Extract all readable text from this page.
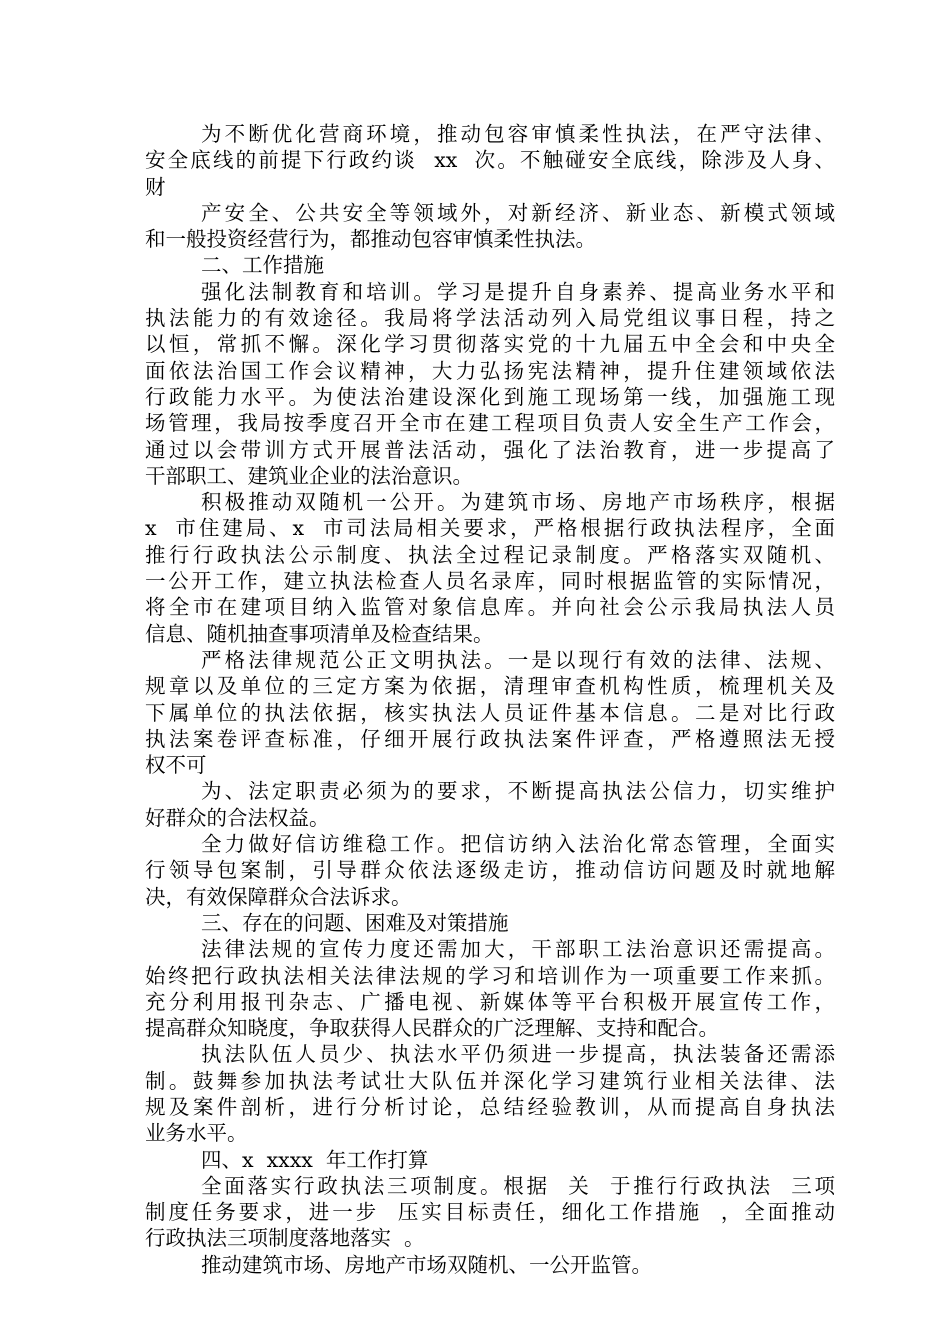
为不断优化营商环境，推动包容审慎柔性执法，在严守法律、
安全底线的前提下行政约谈  xx  次。不触碰安全底线，除涉及人身、
财
产安全、公共安全等领域外，对新经济、新业态、新模式领域
和一般投资经营行为，都推动包容审慎柔性执法。
二、工作措施
强化法制教育和培训。学习是提升自身素养、提高业务水平和
执法能力的有效途径。我局将学法活动列入局党组议事日程，持之
以恒，常抓不懈。深化学习贯彻落实党的十九届五中全会和中央全
面依法治国工作会议精神，大力弘扬宪法精神，提升住建领域依法
行政能力水平。为使法治建设深化到施工现场第一线，加强施工现
场管理，我局按季度召开全市在建工程项目负责人安全生产工作会，
通过以会带训方式开展普法活动，强化了法治教育，进一步提高了
干部职工、建筑业企业的法治意识。
积极推动双随机一公开。为建筑市场、房地产市场秩序，根据
x  市住建局、x  市司法局相关要求，严格根据行政执法程序，全面
推行行政执法公示制度、执法全过程记录制度。严格落实双随机、
一公开工作，建立执法检查人员名录库，同时根据监管的实际情况，
将全市在建项目纳入监管对象信息库。并向社会公示我局执法人员
信息、随机抽查事项清单及检查结果。
严格法律规范公正文明执法。一是以现行有效的法律、法规、
规章以及单位的三定方案为依据，清理审查机构性质，梳理机关及
下属单位的执法依据，核实执法人员证件基本信息。二是对比行政
执法案卷评查标准，仔细开展行政执法案件评查，严格遵照法无授
权不可
为、法定职责必须为的要求，不断提高执法公信力，切实维护
好群众的合法权益。
全力做好信访维稳工作。把信访纳入法治化常态管理，全面实
行领导包案制，引导群众依法逐级走访，推动信访问题及时就地解
决，有效保障群众合法诉求。
三、存在的问题、困难及对策措施
法律法规的宣传力度还需加大，干部职工法治意识还需提高。
始终把行政执法相关法律法规的学习和培训作为一项重要工作来抓。
充分利用报刊杂志、广播电视、新媒体等平台积极开展宣传工作，
提高群众知晓度，争取获得人民群众的广泛理解、支持和配合。
执法队伍人员少、执法水平仍须进一步提高，执法装备还需添
制。鼓舞参加执法考试壮大队伍并深化学习建筑行业相关法律、法
规及案件剖析，进行分析讨论，总结经验教训，从而提高自身执法
业务水平。
四、x  xxxx  年工作打算
全面落实行政执法三项制度。根据  关  于推行行政执法  三项
制度任务要求，进一步  压实目标责任，细化工作措施  ，全面推动
行政执法三项制度落地落实  。
推动建筑市场、房地产市场双随机、一公开监管。
